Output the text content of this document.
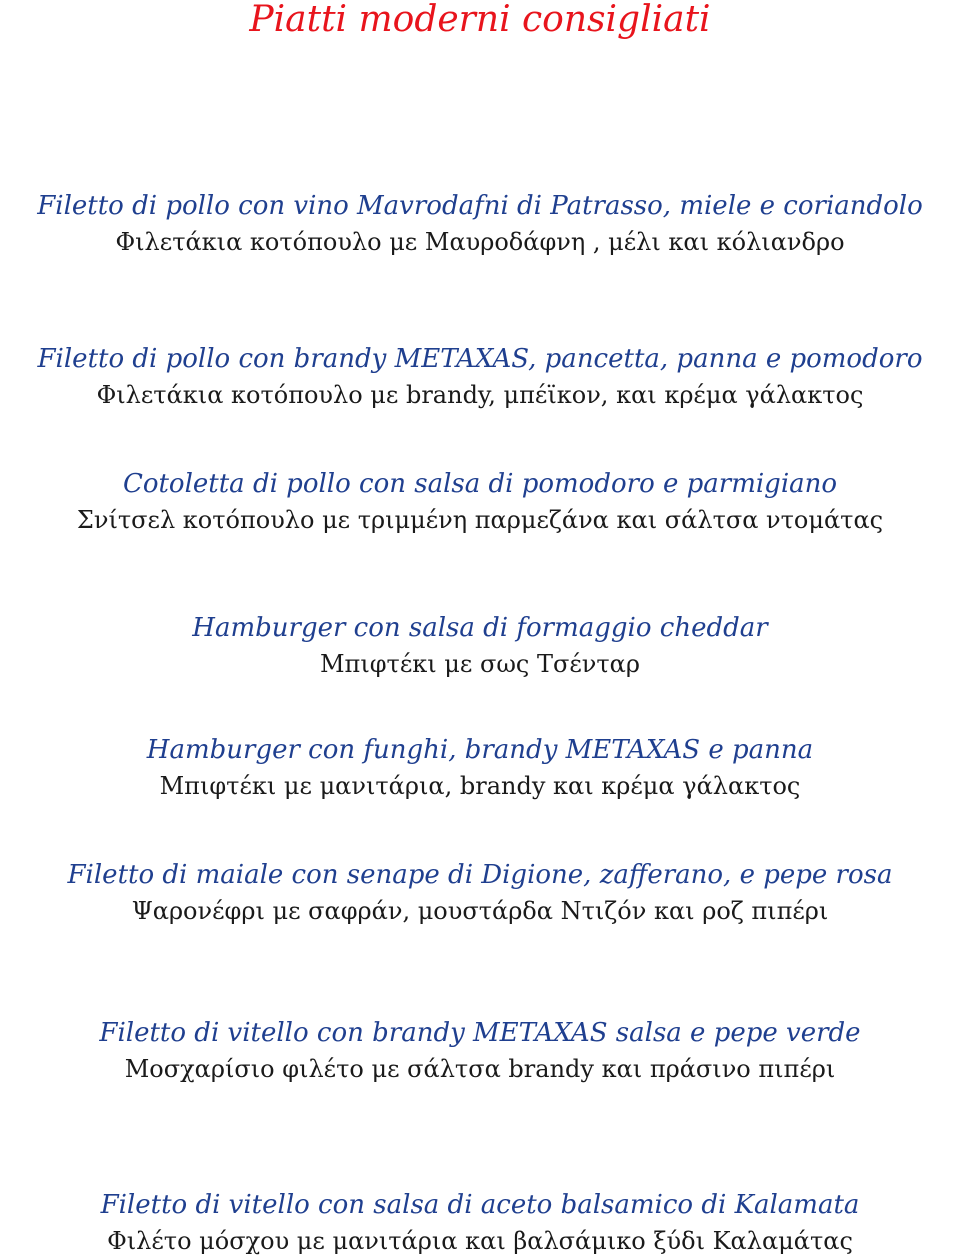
Piatti moderni consigliati
Filetto di pollo con vino Mavrodafni di Patrasso, miele e coriandolo
Φιλετάκια κοτόπουλο με Μαυροδάφνη , μέλι και κόλιανδρο
Filetto di pollo con brandy METAXAS, pancetta, panna e pomodoro
Φιλετάκια κοτόπουλο με brandy, μπέϊκον, και κρέμα γάλακτος
Cotoletta di pollo con salsa di pomodoro e parmigiano
Σνίτσελ κοτόπουλο με τριμμένη παρμεζάνα και σάλτσα ντομάτας
Hamburger con salsa di formaggio cheddar
Μπιφτέκι με σως Τσένταρ
Hamburger con funghi, brandy METAXAS e panna
Μπιφτέκι με μανιτάρια, brandy και κρέμα γάλακτος
Filetto di maiale con senape di Digione, zafferano, e pepe rosa
Ψαρονέφρι με σαφράν, μουστάρδα Ντιζόν και ροζ πιπέρι
Filetto di vitello con brandy METAXAS salsa e pepe verde
Μοσχαρίσιο φιλέτο με σάλτσα brandy και πράσινο πιπέρι
Filetto di vitello con salsa di aceto balsamico di Kalamata
Φιλέτο μόσχου με μανιτάρια και βαλσάμικο ξύδι Καλαμάτας
